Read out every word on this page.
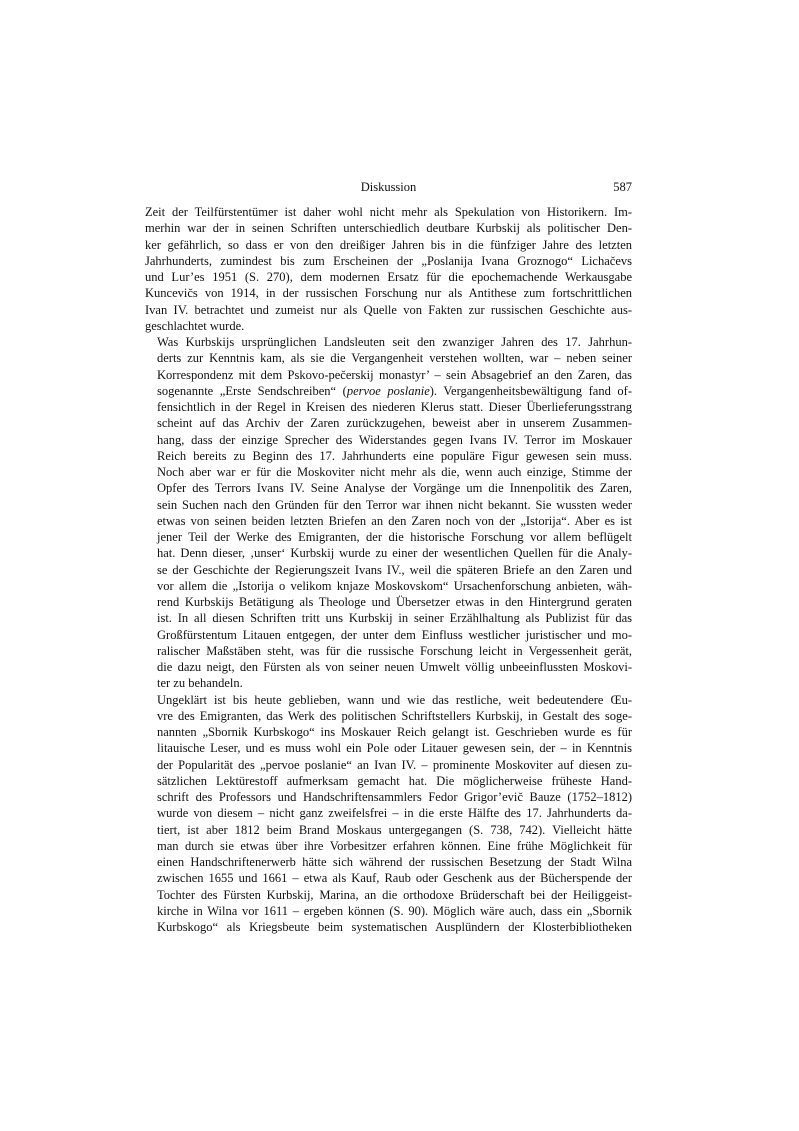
Diskussion	587
Zeit der Teilfürstentümer ist daher wohl nicht mehr als Spekulation von Historikern. Im-
merhin war der in seinen Schriften unterschiedlich deutbare Kurbskij als politischer Den-
ker gefährlich, so dass er von den dreißiger Jahren bis in die fünfziger Jahre des letzten
Jahrhunderts, zumindest bis zum Erscheinen der „Poslanija Ivana Groznogo“ Lichačevs
und Lur’es 1951 (S. 270), dem modernen Ersatz für die epochemachende Werkausgabe
Kuncevičs von 1914, in der russischen Forschung nur als Antithese zum fortschrittlichen
Ivan IV. betrachtet und zumeist nur als Quelle von Fakten zur russischen Geschichte aus-
geschlachtet wurde.
Was Kurbskijs ursprünglichen Landsleuten seit den zwanziger Jahren des 17. Jahrhun-
derts zur Kenntnis kam, als sie die Vergangenheit verstehen wollten, war – neben seiner
Korrespondenz mit dem Pskovo-pečerskij monastyr’ – sein Absagebrief an den Zaren, das
sogenannte „Erste Sendschreiben“ (pervoe poslanie). Vergangenheitsbewältigung fand of-
fensichtlich in der Regel in Kreisen des niederen Klerus statt. Dieser Überlieferungsstrang
scheint auf das Archiv der Zaren zurückzugehen, beweist aber in unserem Zusammen-
hang, dass der einzige Sprecher des Widerstandes gegen Ivans IV. Terror im Moskauer
Reich bereits zu Beginn des 17. Jahrhunderts eine populäre Figur gewesen sein muss.
Noch aber war er für die Moskoviter nicht mehr als die, wenn auch einzige, Stimme der
Opfer des Terrors Ivans IV. Seine Analyse der Vorgänge um die Innenpolitik des Zaren,
sein Suchen nach den Gründen für den Terror war ihnen nicht bekannt. Sie wussten weder
etwas von seinen beiden letzten Briefen an den Zaren noch von der „Istorija“. Aber es ist
jener Teil der Werke des Emigranten, der die historische Forschung vor allem beflügelt
hat. Denn dieser, ‚unser‘ Kurbskij wurde zu einer der wesentlichen Quellen für die Analy-
se der Geschichte der Regierungszeit Ivans IV., weil die späteren Briefe an den Zaren und
vor allem die „Istorija o velikom knjaze Moskovskom“ Ursachenforschung anbieten, wäh-
rend Kurbskijs Betätigung als Theologe und Übersetzer etwas in den Hintergrund geraten
ist. In all diesen Schriften tritt uns Kurbskij in seiner Erzählhaltung als Publizist für das
Großfürstentum Litauen entgegen, der unter dem Einfluss westlicher juristischer und mo-
ralischer Maßstäben steht, was für die russische Forschung leicht in Vergessenheit gerät,
die dazu neigt, den Fürsten als von seiner neuen Umwelt völlig unbeeinflussten Moskovi-
ter zu behandeln.
Ungeklärt ist bis heute geblieben, wann und wie das restliche, weit bedeutendere Œu-
vre des Emigranten, das Werk des politischen Schriftstellers Kurbskij, in Gestalt des soge-
nannten „Sbornik Kurbskogo“ ins Moskauer Reich gelangt ist. Geschrieben wurde es für
litauische Leser, und es muss wohl ein Pole oder Litauer gewesen sein, der – in Kenntnis
der Popularität des „pervoe poslanie“ an Ivan IV. – prominente Moskoviter auf diesen zu-
sätzlichen Lektürestoff aufmerksam gemacht hat. Die möglicherweise früheste Hand-
schrift des Professors und Handschriftensammlers Fedor Grigor’evič Bauze (1752–1812)
wurde von diesem – nicht ganz zweifelsfrei – in die erste Hälfte des 17. Jahrhunderts da-
tiert, ist aber 1812 beim Brand Moskaus untergegangen (S. 738, 742). Vielleicht hätte
man durch sie etwas über ihre Vorbesitzer erfahren können. Eine frühe Möglichkeit für
einen Handschriftenerwerb hätte sich während der russischen Besetzung der Stadt Wilna
zwischen 1655 und 1661 – etwa als Kauf, Raub oder Geschenk aus der Bücherspende der
Tochter des Fürsten Kurbskij, Marina, an die orthodoxe Brüderschaft bei der Heiliggeist-
kirche in Wilna vor 1611 – ergeben können (S. 90). Möglich wäre auch, dass ein „Sbornik
Kurbskogo“ als Kriegsbeute beim systematischen Ausplündern der Klosterbibliotheken
